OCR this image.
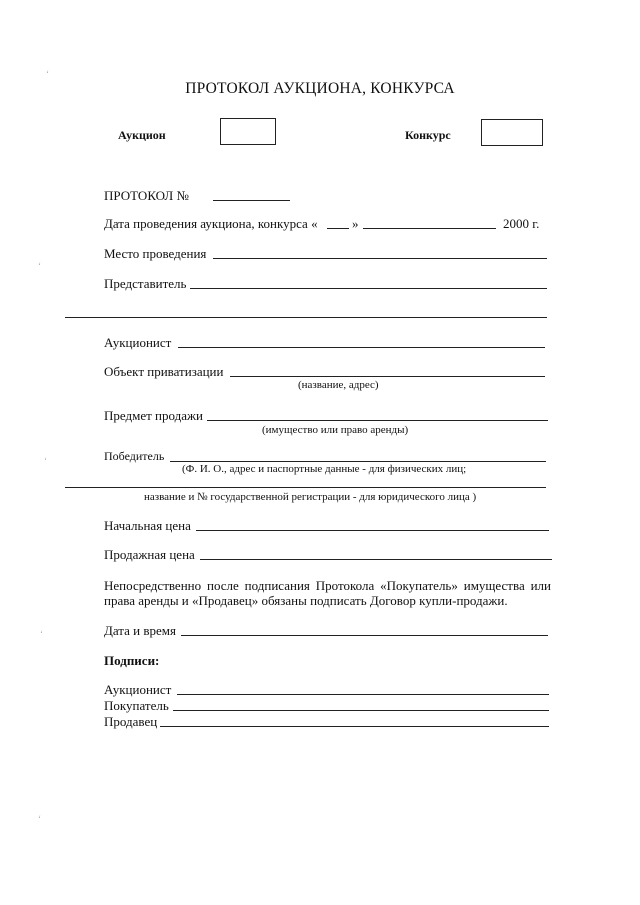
ʻ
ʻ
ʻ
ʻ
ʻ
ПРОТОКОЛ АУКЦИОНА, КОНКУРСА
Аукцион	Конкурс
ПРОТОКОЛ №
Дата проведения аукциона, конкурса «	»	2000 г.
Место проведения
Представитель
Аукционист
Объект приватизации
(название, адрес)
Предмет продажи
(имущество или право аренды)
Победитель
(Ф. И. О., адрес и паспортные данные - для физических лиц;
название и № государственной регистрации - для юридического лица )
Начальная цена
Продажная цена
Непосредственно после подписания Протокола «Покупатель» имущества или
права аренды и «Продавец» обязаны подписать Договор купли-продажи.
Дата и время
Подписи:
Аукционист
Покупатель
Продавец
